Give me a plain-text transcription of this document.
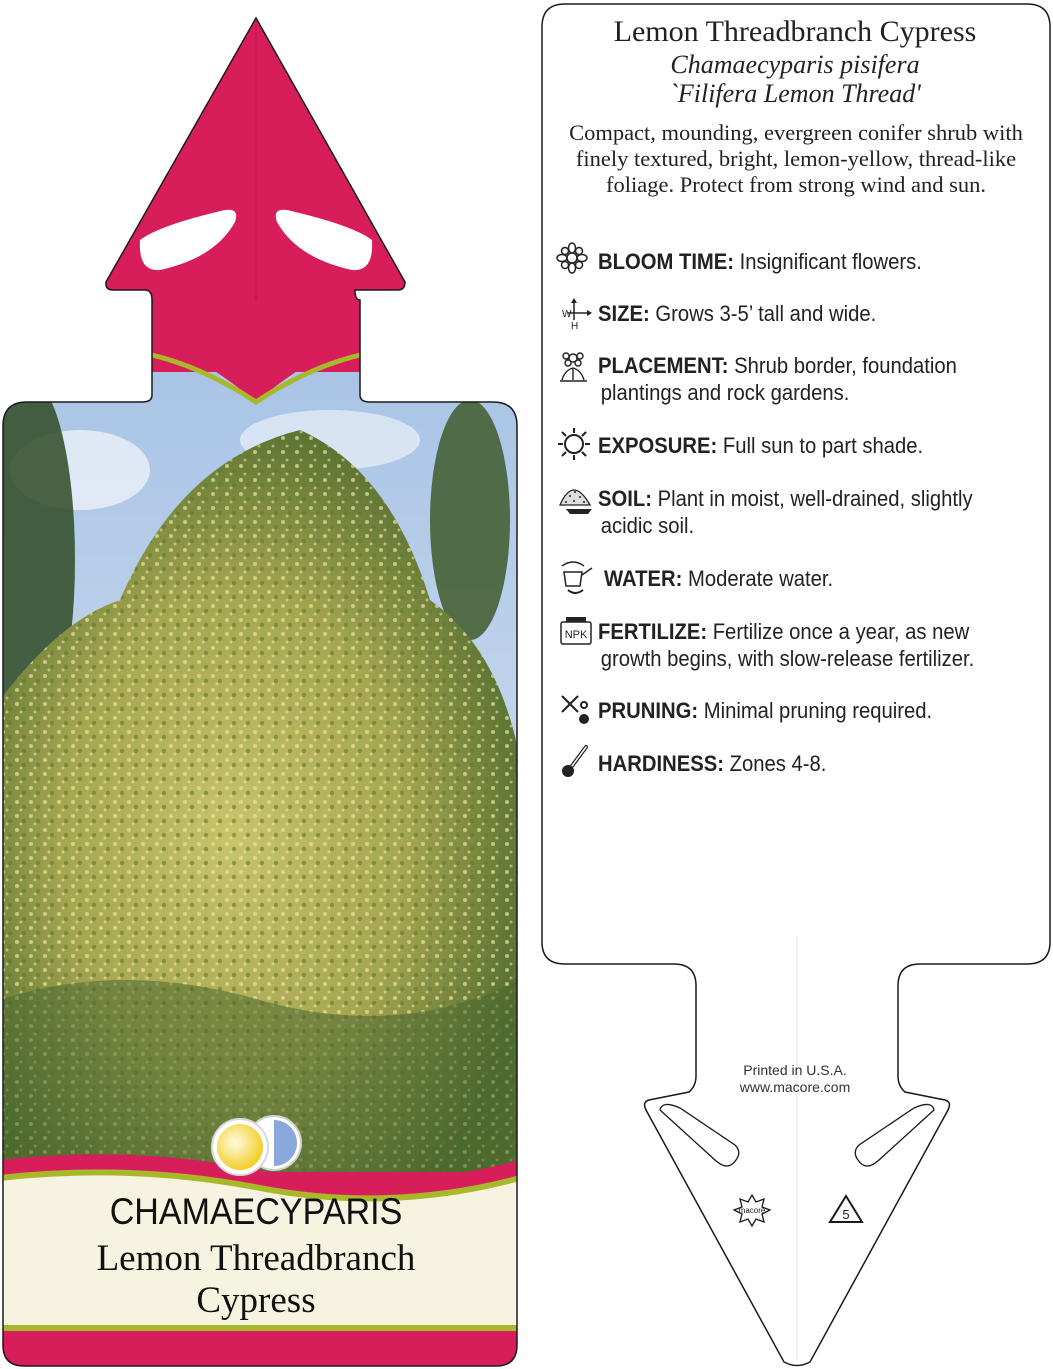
macore	5
W
H
NPK
Lemon Threadbranch Cypress
Chamaecyparis pisifera
`Filifera Lemon Thread'
Compact, mounding, evergreen conifer shrub with finely textured, bright, lemon-yellow, thread-like foliage. Protect from strong wind and sun.
BLOOM TIME: Insignificant flowers.
SIZE: Grows 3-5’ tall and wide.
PLACEMENT: Shrub border, foundation
plantings and rock gardens.
EXPOSURE: Full sun to part shade.
SOIL: Plant in moist, well-drained, slightly
acidic soil.
WATER: Moderate water.
FERTILIZE: Fertilize once a year, as new
growth begins, with slow-release fertilizer.
PRUNING: Minimal pruning required.
HARDINESS: Zones 4-8.
Printed in U.S.A.
www.macore.com
CHAMAECYPARIS
Lemon Threadbranch
Cypress
